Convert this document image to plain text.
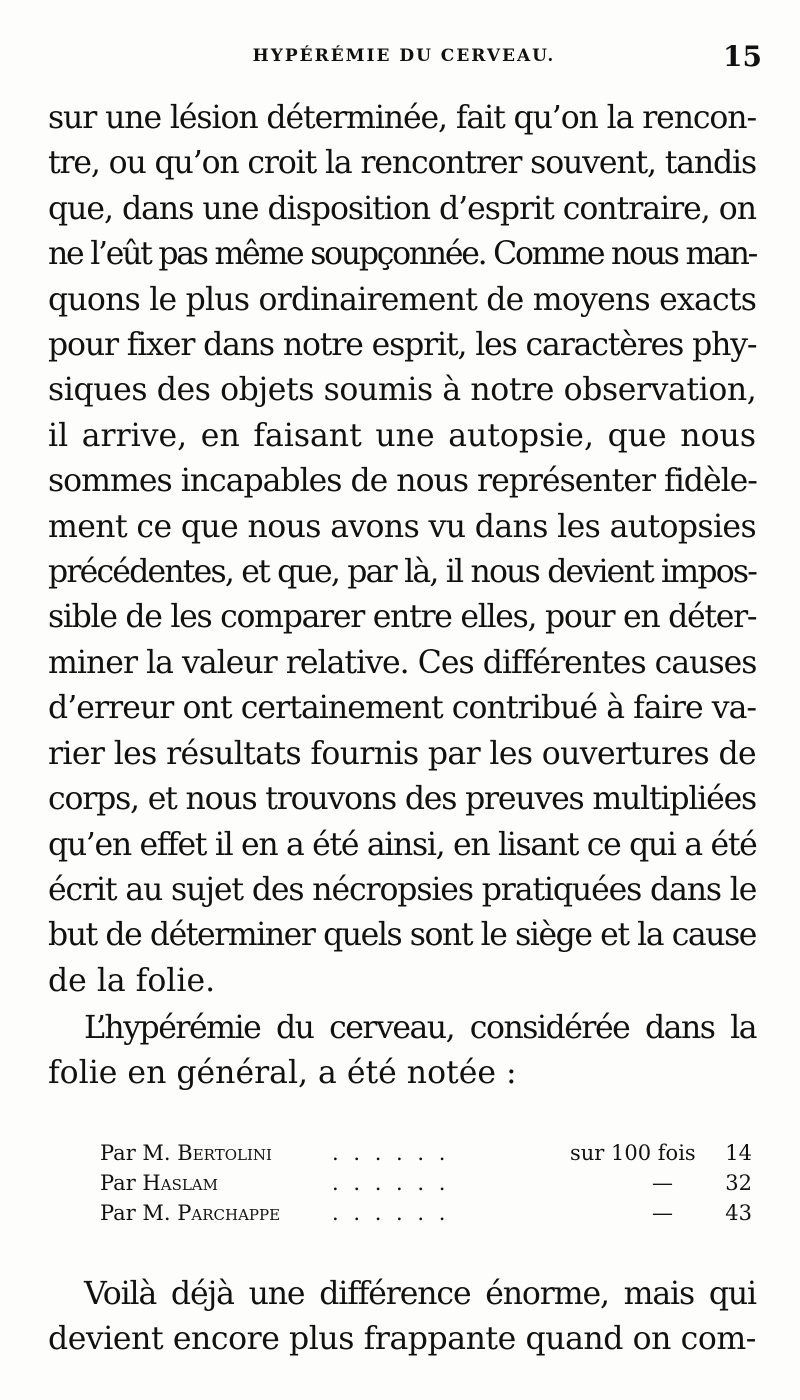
HYPÉRÉMIE DU CERVEAU.	15

sur une lésion déterminée, fait qu’on la rencon-
tre, ou qu’on croit la rencontrer souvent, tandis
que, dans une disposition d’esprit contraire, on
ne l’eût pas même soupçonnée. Comme nous man-
quons le plus ordinairement de moyens exacts
pour fixer dans notre esprit, les caractères phy-
siques des objets soumis à notre observation,
il arrive, en faisant une autopsie, que nous
sommes incapables de nous représenter fidèle-
ment ce que nous avons vu dans les autopsies
précédentes, et que, par là, il nous devient impos-
sible de les comparer entre elles, pour en déter-
miner la valeur relative. Ces différentes causes
d’erreur ont certainement contribué à faire va-
rier les résultats fournis par les ouvertures de
corps, et nous trouvons des preuves multipliées
qu’en effet il en a été ainsi, en lisant ce qui a été
écrit au sujet des nécropsies pratiquées dans le
but de déterminer quels sont le siège et la cause
de la folie.

L’hypérémie du cerveau, considérée dans la
folie en général, a été notée :

Par M. Bertolini	. . . . . .	sur 100 fois 14
Par Haslam	. . . . . .	— 32
Par M. Parchappe . . . . . .	— 43

Voilà déjà une différence énorme, mais qui
devient encore plus frappante quand on com-
